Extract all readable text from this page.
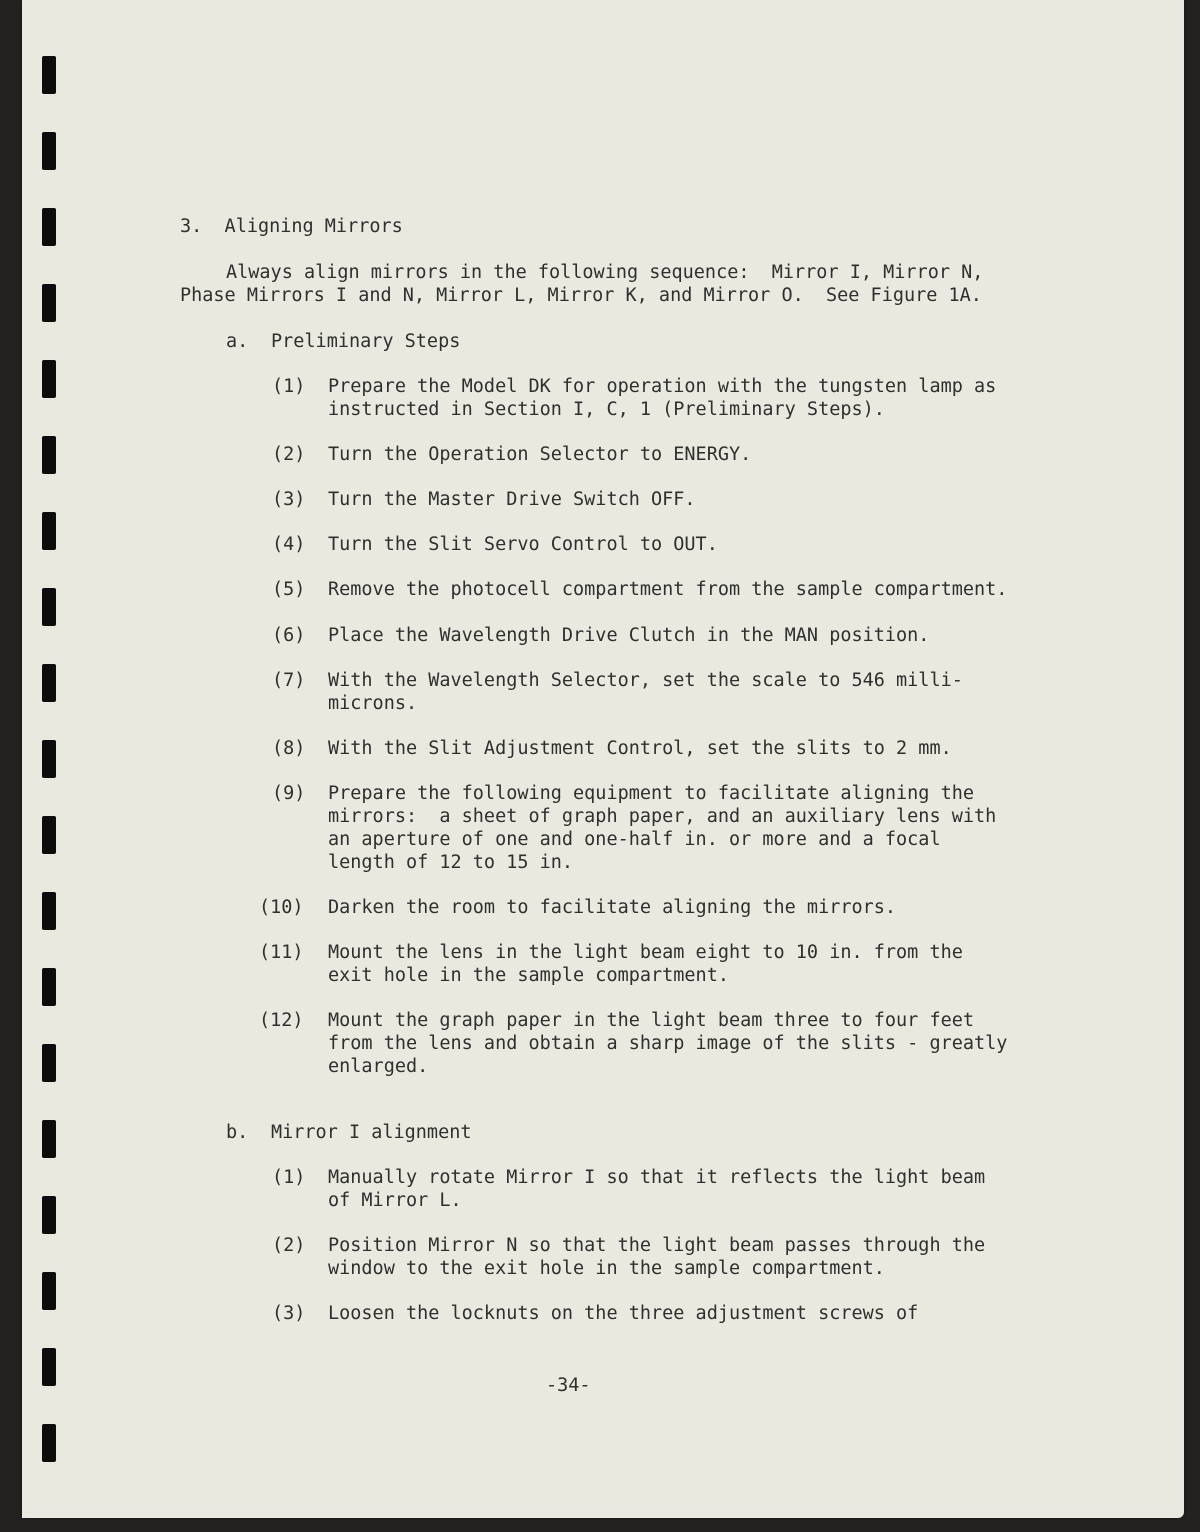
3.  Aligning Mirrors
Always align mirrors in the following sequence:  Mirror I, Mirror N,
Phase Mirrors I and N, Mirror L, Mirror K, and Mirror O.  See Figure 1A.
a. Preliminary Steps
(1) Prepare the Model DK for operation with the tungsten lamp as
instructed in Section I, C, 1 (Preliminary Steps).
(2) Turn the Operation Selector to ENERGY.
(3) Turn the Master Drive Switch OFF.
(4) Turn the Slit Servo Control to OUT.
(5) Remove the photocell compartment from the sample compartment.
(6) Place the Wavelength Drive Clutch in the MAN position.
(7) With the Wavelength Selector, set the scale to 546 milli-
microns.
(8) With the Slit Adjustment Control, set the slits to 2 mm.
(9) Prepare the following equipment to facilitate aligning the
mirrors:  a sheet of graph paper, and an auxiliary lens with
an aperture of one and one-half in. or more and a focal
length of 12 to 15 in.
(10) Darken the room to facilitate aligning the mirrors.
(11) Mount the lens in the light beam eight to 10 in. from the
exit hole in the sample compartment.
(12) Mount the graph paper in the light beam three to four feet
from the lens and obtain a sharp image of the slits - greatly
enlarged.
b. Mirror I alignment
(1) Manually rotate Mirror I so that it reflects the light beam
of Mirror L.
(2) Position Mirror N so that the light beam passes through the
window to the exit hole in the sample compartment.
(3) Loosen the locknuts on the three adjustment screws of
-34-
